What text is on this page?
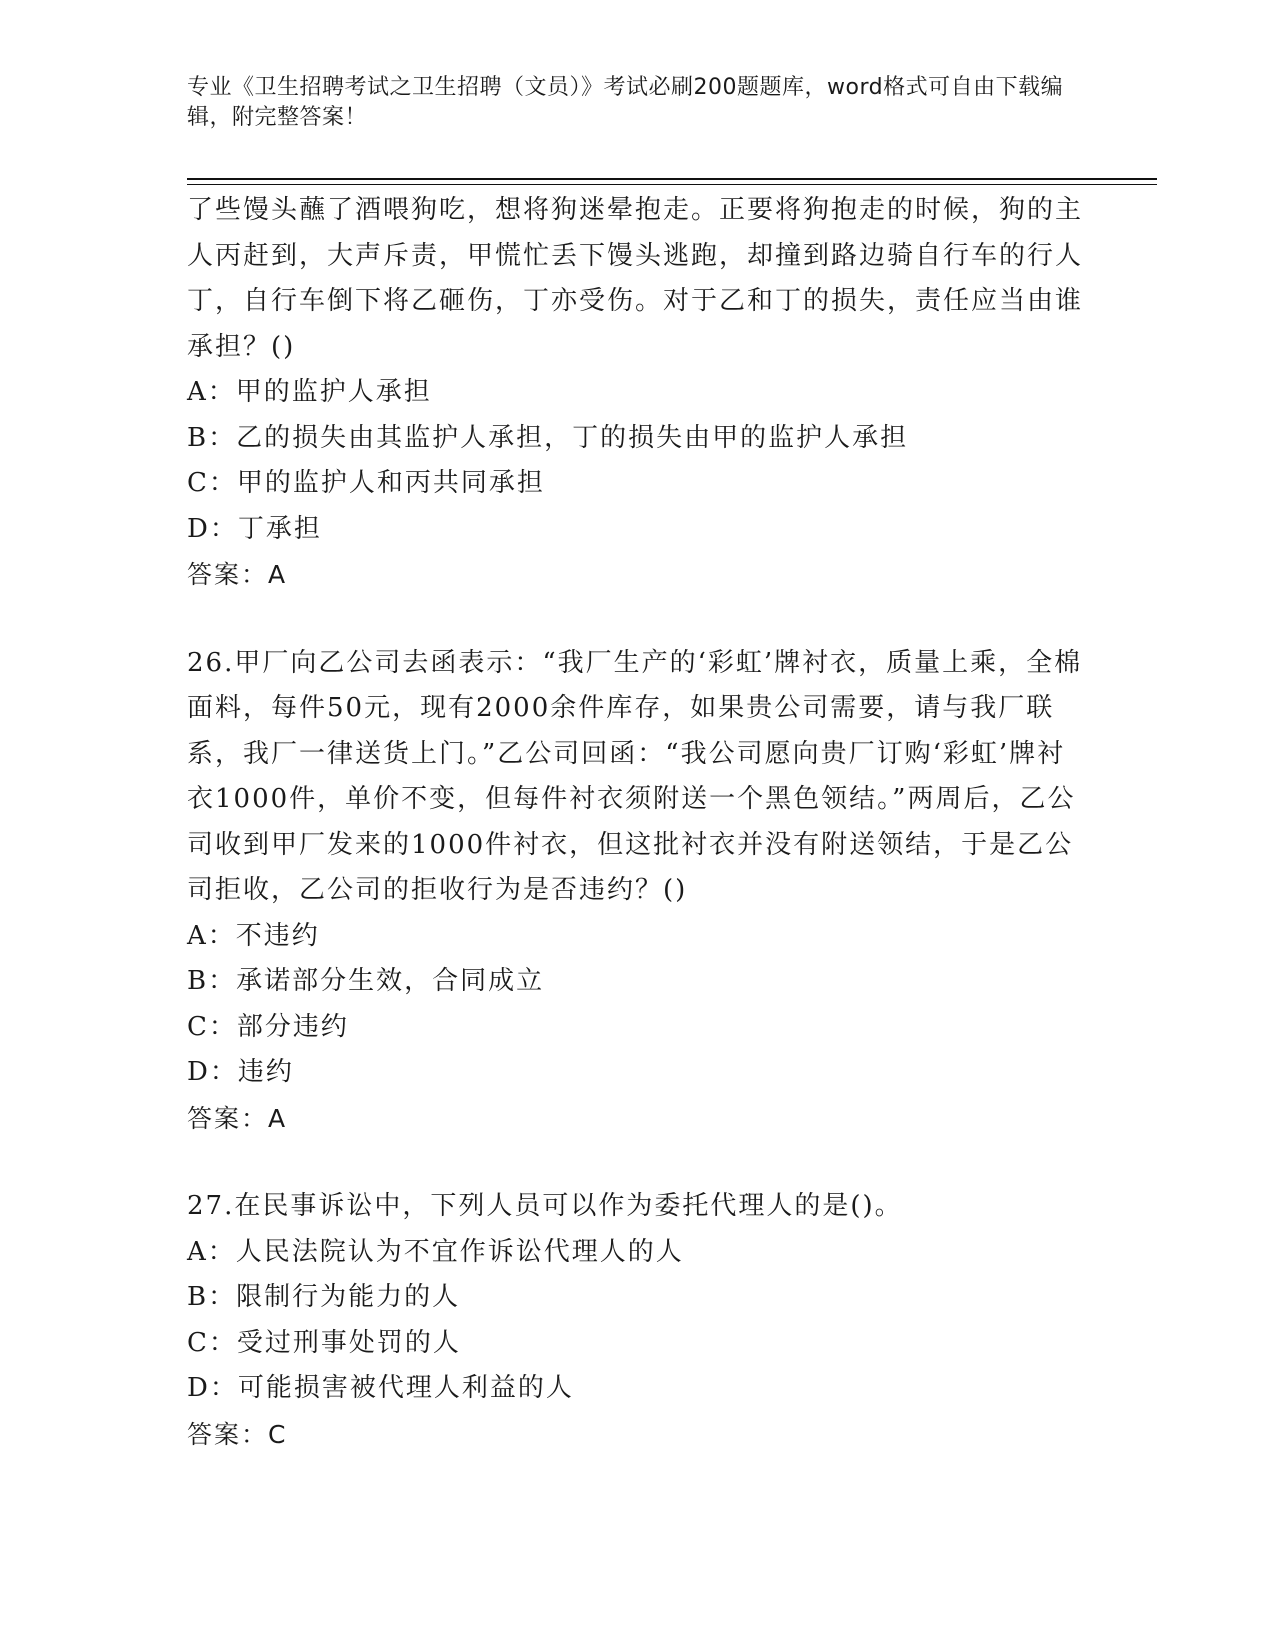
专业《卫生招聘考试之卫生招聘（文员）》考试必刷200题题库，word格式可自由下载编辑，附完整答案！

了些馒头蘸了酒喂狗吃，想将狗迷晕抱走。正要将狗抱走的时候，狗的主人丙赶到，大声斥责，甲慌忙丢下馒头逃跑，却撞到路边骑自行车的行人丁，自行车倒下将乙砸伤，丁亦受伤。对于乙和丁的损失，责任应当由谁承担？()

A：甲的监护人承担

B：乙的损失由其监护人承担，丁的损失由甲的监护人承担

C：甲的监护人和丙共同承担

D：丁承担

答案：A

26.甲厂向乙公司去函表示：“我厂生产的‘彩虹’牌衬衣，质量上乘，全棉面料，每件50元，现有2000余件库存，如果贵公司需要，请与我厂联系，我厂一律送货上门。”乙公司回函：“我公司愿向贵厂订购‘彩虹’牌衬衣1000件，单价不变，但每件衬衣须附送一个黑色领结。”两周后，乙公司收到甲厂发来的1000件衬衣，但这批衬衣并没有附送领结，于是乙公司拒收，乙公司的拒收行为是否违约？()

A：不违约

B：承诺部分生效，合同成立

C：部分违约

D：违约

答案：A

27.在民事诉讼中，下列人员可以作为委托代理人的是()。

A：人民法院认为不宜作诉讼代理人的人

B：限制行为能力的人

C：受过刑事处罚的人

D：可能损害被代理人利益的人

答案：C
